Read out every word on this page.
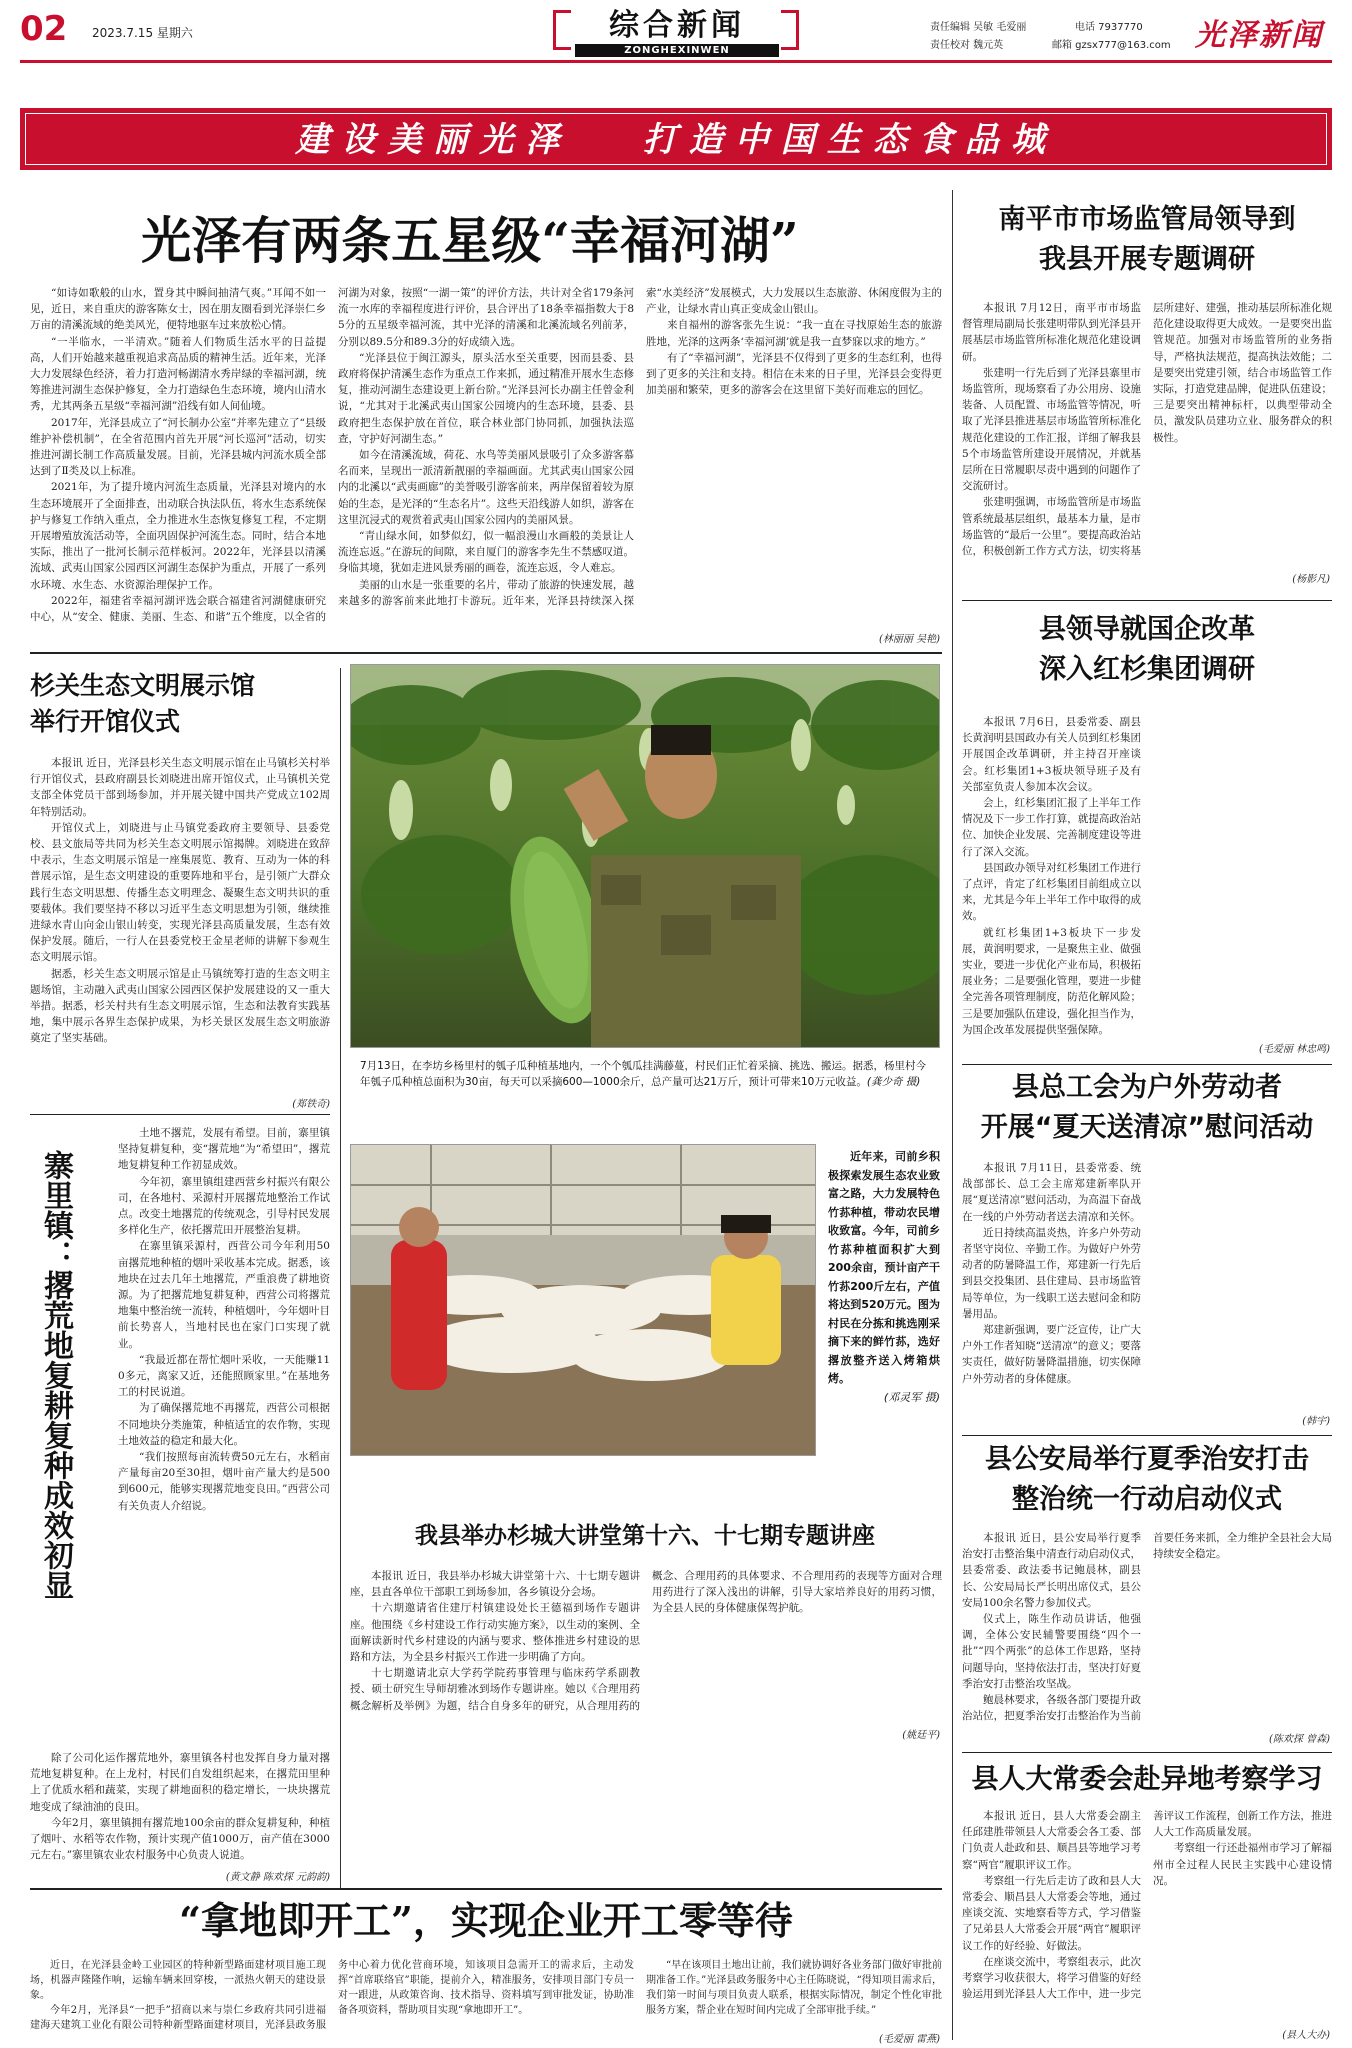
02 2023.7.15 星期六	综合新闻
ZONGHEXINWEN
责任编辑 吴敏 毛爱丽
责任校对 魏元英
电话 7937770
邮箱 gzsx777@163.com 光泽新闻
建设美丽光泽   打造中国生态食品城
光泽有两条五星级“幸福河湖”

“如诗如歌般的山水，置身其中瞬间抽清气爽。”耳闻不如一见，近日，来自重庆的游客陈女士，因在朋友圈看到光泽崇仁乡万亩的清溪流域的绝美风光，便特地驱车过来放松心情。

“一半临水，一半清欢。”随着人们物质生活水平的日益提高，人们开始越来越重视追求高品质的精神生活。近年来，光泽大力发展绿色经济，着力打造河畅湖清水秀岸绿的幸福河湖，统筹推进河湖生态保护修复，全力打造绿色生态环境，境内山清水秀，尤其两条五星级“幸福河湖”沿线有如人间仙境。

2017年，光泽县成立了“河长制办公室”并率先建立了“县级维护补偿机制”，在全省范围内首先开展“河长巡河”活动，切实推进河湖长制工作高质量发展。目前，光泽县城内河流水质全部达到了Ⅱ类及以上标准。

2021年，为了提升境内河流生态质量，光泽县对境内的水生态环境展开了全面排查，出动联合执法队伍，将水生态系统保护与修复工作纳入重点，全力推进水生态恢复修复工程，不定期开展增殖放流活动等，全面巩固保护河流生态。同时，结合本地实际，推出了一批河长制示范样板河。2022年，光泽县以清溪流域、武夷山国家公园西区河湖生态保护为重点，开展了一系列水环境、水生态、水资源治理保护工作。

2022年，福建省幸福河湖评选会联合福建省河湖健康研究中心，从“安全、健康、美丽、生态、和谐”五个维度，以全省的河湖为对象，按照“一湖一策”的评价方法，共计对全省179条河流一水库的幸福程度进行评价，县合评出了18条幸福指数大于85分的五星级幸福河流，其中光泽的清溪和北溪流域名列前茅，分别以89.5分和89.3分的好成绩入选。

“光泽县位于闽江源头，原头活水至关重要，因而县委、县政府将保护清溪生态作为重点工作来抓，通过精准开展水生态修复，推动河湖生态建设更上新台阶。”光泽县河长办副主任曾金利说，“尤其对于北溪武夷山国家公园境内的生态环境，县委、县政府把生态保护放在首位，联合林业部门协同抓，加强执法巡查，守护好河湖生态。”

如今在清溪流域，荷花、水鸟等美丽风景吸引了众多游客慕名而来，呈现出一派清新靓丽的幸福画面。尤其武夷山国家公园内的北溪以“武夷画廊”的美誉吸引游客前来，两岸保留着较为原始的生态，是光泽的“生态名片”。这些天沿线游人如织，游客在这里沉浸式的观赏着武夷山国家公园内的美丽风景。

“青山绿水间，如梦似幻，似一幅浪漫山水画般的美景让人流连忘返。”在游玩的间隙，来自厦门的游客李先生不禁感叹道。身临其境，犹如走进风景秀丽的画卷，流连忘返，令人难忘。

美丽的山水是一张重要的名片，带动了旅游的快速发展，越来越多的游客前来此地打卡游玩。近年来，光泽县持续深入探索“水美经济”发展模式，大力发展以生态旅游、休闲度假为主的产业，让绿水青山真正变成金山银山。

来自福州的游客张先生说：“我一直在寻找原始生态的旅游胜地，光泽的这两条‘幸福河湖’就是我一直梦寐以求的地方。”

有了“幸福河湖”，光泽县不仅得到了更多的生态红利，也得到了更多的关注和支持。相信在未来的日子里，光泽县会变得更加美丽和繁荣，更多的游客会在这里留下美好而难忘的回忆。

(林丽丽 吴艳)
杉关生态文明展示馆
举行开馆仪式

本报讯 近日，光泽县杉关生态文明展示馆在止马镇杉关村举行开馆仪式，县政府副县长刘晓进出席开馆仪式，止马镇机关党支部全体党员干部到场参加，并开展关键中国共产党成立102周年特别活动。

开馆仪式上，刘晓进与止马镇党委政府主要领导、县委党校、县文旅局等共同为杉关生态文明展示馆揭牌。刘晓进在致辞中表示，生态文明展示馆是一座集展览、教育、互动为一体的科普展示馆，是生态文明建设的重要阵地和平台，是引领广大群众践行生态文明思想、传播生态文明理念、凝聚生态文明共识的重要载体。我们要坚持不移以习近平生态文明思想为引领，继续推进绿水青山向金山银山转变，实现光泽县高质量发展，生态有效保护发展。随后，一行人在县委党校王金星老师的讲解下参观生态文明展示馆。

据悉，杉关生态文明展示馆是止马镇统筹打造的生态文明主题场馆，主动融入武夷山国家公园西区保护发展建设的又一重大举措。据悉，杉关村共有生态文明展示馆，生态和法教育实践基地，集中展示各界生态保护成果，为杉关景区发展生态文明旅游奠定了坚实基础。

(郑铁奇)
寨里镇：撂荒地复耕复种成效初显

土地不撂荒，发展有希望。目前，寨里镇坚持复耕复种，变“撂荒地”为“希望田”，撂荒地复耕复种工作初显成效。

今年初，寨里镇组建西营乡村振兴有限公司，在各地村、采源村开展撂荒地整治工作试点。改变土地撂荒的传统观念，引导村民发展多样化生产，依托撂荒田开展整治复耕。

在寨里镇采源村，西营公司今年利用50亩撂荒地种植的烟叶采收基本完成。据悉，该地块在过去几年土地撂荒，严重浪费了耕地资源。为了把撂荒地复耕复种，西营公司将撂荒地集中整治统一流转，种植烟叶，今年烟叶目前长势喜人，当地村民也在家门口实现了就业。

“我最近都在帮忙烟叶采收，一天能赚110多元，离家又近，还能照顾家里。”在基地务工的村民说道。

为了确保撂荒地不再撂荒，西营公司根据不同地块分类施策，种植适宜的农作物，实现土地效益的稳定和最大化。

“我们按照每亩流转费50元左右，水稻亩产量每亩20至30担，烟叶亩产量大约是500到600元，能够实现撂荒地变良田。”西营公司有关负责人介绍说。

除了公司化运作撂荒地外，寨里镇各村也发挥自身力量对撂荒地复耕复种。在上龙村，村民们自发组织起来，在撂荒田里种上了优质水稻和蔬菜，实现了耕地面积的稳定增长，一块块撂荒地变成了绿油油的良田。

今年2月，寨里镇拥有撂荒地100余亩的群众复耕复种，种植了烟叶、水稻等农作物，预计实现产值1000万，亩产值在3000元左右。”寨里镇农业农村服务中心负责人说道。

(黄文静 陈欢探 元韵韵)
7月13日，在李坊乡杨里村的瓠子瓜种植基地内，一个个瓠瓜挂满藤蔓，村民们正忙着采摘、挑选、搬运。据悉，杨里村今年瓠子瓜种植总面积为30亩，每天可以采摘600—1000余斤，总产量可达21万斤，预计可带来10万元收益。(龚少奇 摄)
近年来，司前乡积极探索发展生态农业致富之路，大力发展特色竹荪种植，带动农民增收致富。今年，司前乡竹荪种植面积扩大到200余亩，预计亩产干竹荪200斤左右，产值将达到520万元。图为村民在分拣和挑选刚采摘下来的鲜竹荪，选好撂放整齐送入烤箱烘烤。
(邓灵军 摄)
我县举办杉城大讲堂第十六、十七期专题讲座

本报讯 近日，我县举办杉城大讲堂第十六、十七期专题讲座，县直各单位干部职工到场参加，各乡镇设分会场。

十六期邀请省住建厅村镇建设处长王德福到场作专题讲座。他围绕《乡村建设工作行动实施方案》，以生动的案例、全面解读新时代乡村建设的内涵与要求、整体推进乡村建设的思路和方法，为全县乡村振兴工作进一步明确了方向。

十七期邀请北京大学药学院药事管理与临床药学系副教授、硕士研究生导师胡雅冰到场作专题讲座。她以《合理用药概念解析及举例》为题，结合自身多年的研究，从合理用药的概念、合理用药的具体要求、不合理用药的表现等方面对合理用药进行了深入浅出的讲解，引导大家培养良好的用药习惯，为全县人民的身体健康保驾护航。

(姚廷平)
“拿地即开工”，实现企业开工零等待

近日，在光泽县金岭工业园区的特种新型路面建材项目施工现场，机器声隆隆作响，运输车辆来回穿梭，一派热火朝天的建设景象。

今年2月，光泽县“一把手”招商以来与崇仁乡政府共同引进福建海天建筑工业化有限公司特种新型路面建材项目，光泽县政务服务中心着力优化营商环境，知该项目急需开工的需求后，主动发挥“首席联络官”职能，提前介入，精准服务，安排项目部门专员一对一跟进，从政策咨询、技术指导、资料填写到审批发证，协助准备各项资料，帮助项目实现“拿地即开工”。

“早在该项目土地出让前，我们就协调好各业务部门做好审批前期准备工作。”光泽县政务服务中心主任陈晓说，“得知项目需求后，我们第一时间与项目负责人联系，根据实际情况，制定个性化审批服务方案，帮企业在短时间内完成了全部审批手续。”

(毛爱丽 雷燕)
南平市市场监管局领导到
我县开展专题调研

本报讯 7月12日，南平市市场监督管理局副局长张建明带队到光泽县开展基层市场监管所标准化规范化建设调研。

张建明一行先后到了光泽县寨里市场监管所，现场察看了办公用房、设施装备、人员配置、市场监管等情况，听取了光泽县推进基层市场监管所标准化规范化建设的工作汇报，详细了解我县5个市场监管所建设开展情况，并就基层所在日常履职尽责中遇到的问题作了交流研讨。

张建明强调，市场监管所是市场监管系统最基层组织，最基本力量，是市场监管的“最后一公里”。要提高政治站位，积极创新工作方式方法，切实将基层所建好、建强，推动基层所标准化规范化建设取得更大成效。一是要突出监管规范。加强对市场监管所的业务指导，严格执法规范，提高执法效能；二是要突出党建引领，结合市场监管工作实际，打造党建品牌，促进队伍建设；三是要突出精神标杆，以典型带动全员，激发队员建功立业、服务群众的积极性。

(杨影凡)
县领导就国企改革
深入红杉集团调研

本报讯 7月6日，县委常委、副县长黄润明县国政办有关人员到红杉集团开展国企改革调研，并主持召开座谈会。红杉集团1+3板块领导班子及有关部室负责人参加本次会议。

会上，红杉集团汇报了上半年工作情况及下一步工作打算，就提高政治站位、加快企业发展、完善制度建设等进行了深入交流。

县国政办领导对红杉集团工作进行了点评，肯定了红杉集团目前组成立以来，尤其是今年上半年工作中取得的成效。

就红杉集团1+3板块下一步发展，黄润明要求，一是聚焦主业、做强实业，要进一步优化产业布局，积极拓展业务；二是要强化管理，要进一步健全完善各项管理制度，防范化解风险；三是要加强队伍建设，强化担当作为，为国企改革发展提供坚强保障。

(毛爱丽 林忠鸣)
县总工会为户外劳动者
开展“夏天送清凉”慰问活动

本报讯 7月11日，县委常委、统战部部长、总工会主席郑建新率队开展“夏送清凉”慰问活动，为高温下奋战在一线的户外劳动者送去清凉和关怀。

近日持续高温炎热，许多户外劳动者坚守岗位、辛勤工作。为做好户外劳动者的防暑降温工作，郑建新一行先后到县交投集团、县住建局、县市场监管局等单位，为一线职工送去慰问金和防暑用品。

郑建新强调，要广泛宣传，让广大户外工作者知晓“送清凉”的意义；要落实责任，做好防暑降温措施，切实保障户外劳动者的身体健康。

(韩宇)
县公安局举行夏季治安打击
整治统一行动启动仪式

本报讯 近日，县公安局举行夏季治安打击整治集中清查行动启动仪式，县委常委、政法委书记鲍晨林，副县长、公安局局长严长明出席仪式，县公安局100余名警力参加仪式。

仪式上，陈生作动员讲话，他强调，全体公安民辅警要围绕“四个一批”“四个两张”的总体工作思路，坚持问题导向，坚持依法打击，坚决打好夏季治安打击整治攻坚战。

鲍晨林要求，各级各部门要提升政治站位，把夏季治安打击整治作为当前首要任务来抓，全力维护全县社会大局持续安全稳定。

(陈欢探 曾森)
县人大常委会赴异地考察学习

本报讯 近日，县人大常委会副主任邱建胜带领县人大常委会各工委、部门负责人赴政和县、顺昌县等地学习考察“两官”履职评议工作。

考察组一行先后走访了政和县人大常委会、顺昌县人大常委会等地，通过座谈交流、实地察看等方式，学习借鉴了兄弟县人大常委会开展“两官”履职评议工作的好经验、好做法。

在座谈交流中，考察组表示，此次考察学习收获很大，将学习借鉴的好经验运用到光泽县人大工作中，进一步完善评议工作流程，创新工作方法，推进人大工作高质量发展。

考察组一行还赴福州市学习了解福州市全过程人民民主实践中心建设情况。

(县人大办)
